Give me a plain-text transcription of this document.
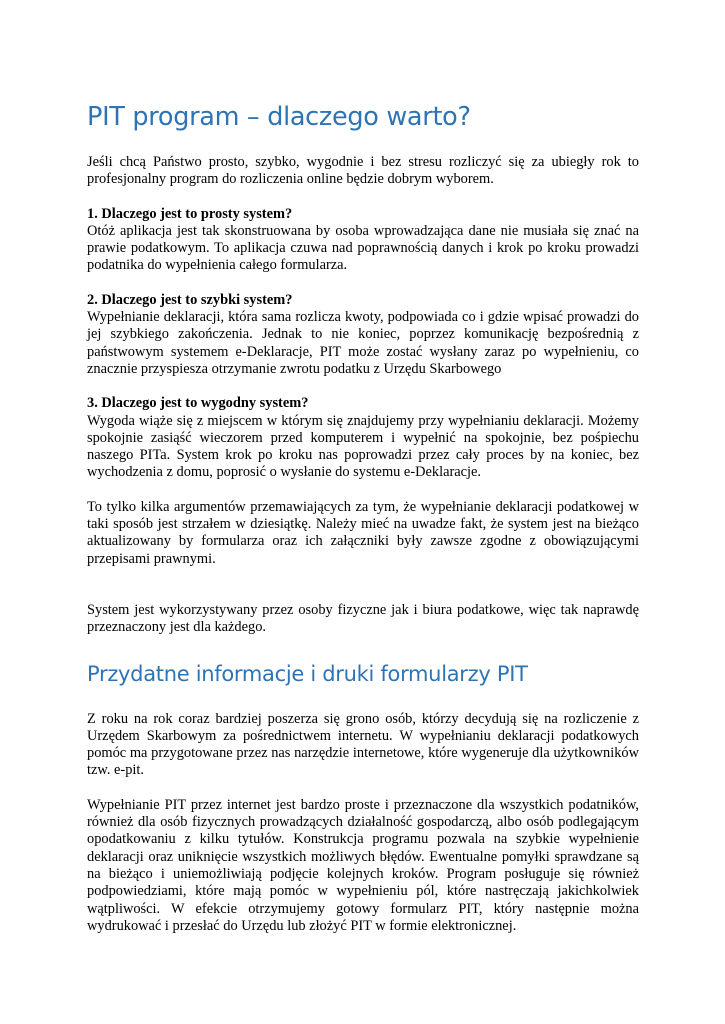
PIT program – dlaczego warto?

Jeśli chcą Państwo prosto, szybko, wygodnie i bez stresu rozliczyć się za ubiegły rok to profesjonalny program do rozliczenia online będzie dobrym wyborem.

1. Dlaczego jest to prosty system?
Otóż aplikacja jest tak skonstruowana by osoba wprowadzająca dane nie musiała się znać na prawie podatkowym. To aplikacja czuwa nad poprawnością danych i krok po kroku prowadzi podatnika do wypełnienia całego formularza.
2. Dlaczego jest to szybki system?
Wypełnianie deklaracji, która sama rozlicza kwoty, podpowiada co i gdzie wpisać prowadzi do jej szybkiego zakończenia. Jednak to nie koniec, poprzez komunikację bezpośrednią z państwowym systemem e-Deklaracje, PIT może zostać wysłany zaraz po wypełnieniu, co znacznie przyspiesza otrzymanie zwrotu podatku z Urzędu Skarbowego
3. Dlaczego jest to wygodny system?
Wygoda wiąże się z miejscem w którym się znajdujemy przy wypełnianiu deklaracji. Możemy spokojnie zasiąść wieczorem przed komputerem i wypełnić na spokojnie, bez pośpiechu naszego PITa. System krok po kroku nas poprowadzi przez cały proces by na koniec, bez wychodzenia z domu, poprosić o wysłanie do systemu e-Deklaracje.

To tylko kilka argumentów przemawiających za tym, że wypełnianie deklaracji podatkowej w taki sposób jest strzałem w dziesiątkę. Należy mieć na uwadze fakt, że system jest na bieżąco aktualizowany by formularza oraz ich załączniki były zawsze zgodne z obowiązującymi przepisami prawnymi.

System jest wykorzystywany przez osoby fizyczne jak i biura podatkowe, więc tak naprawdę przeznaczony jest dla każdego.

Przydatne informacje i druki formularzy PIT

Z roku na rok coraz bardziej poszerza się grono osób, którzy decydują się na rozliczenie z Urzędem Skarbowym za pośrednictwem internetu. W wypełnianiu deklaracji podatkowych pomóc ma przygotowane przez nas narzędzie internetowe, które wygeneruje dla użytkowników tzw. e-pit.

Wypełnianie PIT przez internet jest bardzo proste i przeznaczone dla wszystkich podatników, również dla osób fizycznych prowadzących działalność gospodarczą, albo osób podlegającym opodatkowaniu z kilku tytułów. Konstrukcja programu pozwala na szybkie wypełnienie deklaracji oraz uniknięcie wszystkich możliwych błędów. Ewentualne pomyłki sprawdzane są na bieżąco i uniemożliwiają podjęcie kolejnych kroków. Program posługuje się również podpowiedziami, które mają pomóc w wypełnieniu pól, które nastręczają jakichkolwiek wątpliwości. W efekcie otrzymujemy gotowy formularz PIT, który następnie można wydrukować i przesłać do Urzędu lub złożyć PIT w formie elektronicznej.
